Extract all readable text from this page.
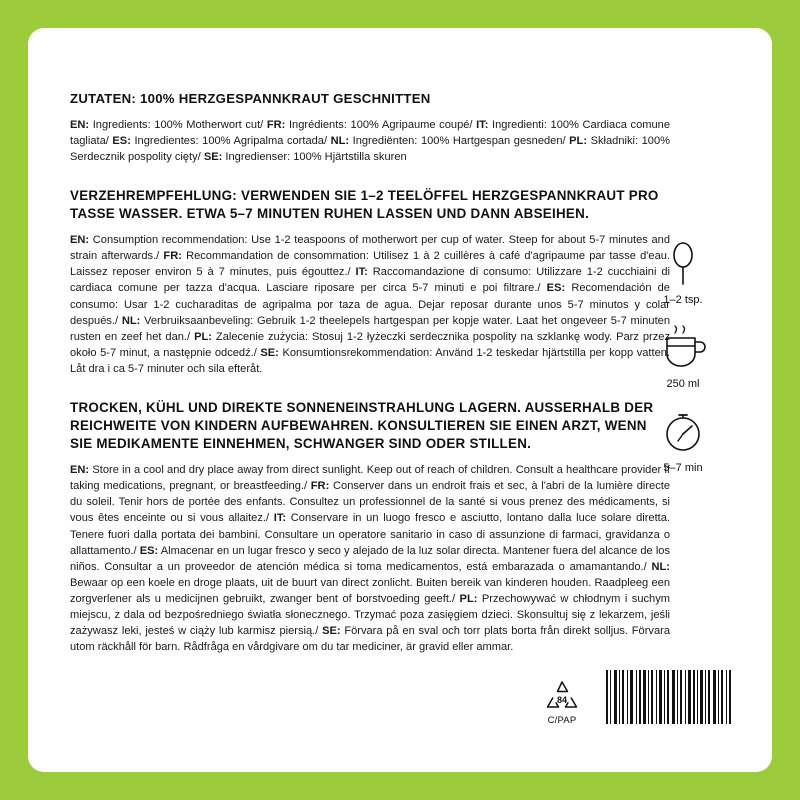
ZUTATEN: 100% HERZGESPANNKRAUT GESCHNITTEN
EN: Ingredients: 100% Motherwort cut/ FR: Ingrédients: 100% Agripaume coupé/ IT: Ingredienti: 100% Cardiaca comune tagliata/ ES: Ingredientes: 100% Agripalma cortada/ NL: Ingrediënten: 100% Hartgespan gesneden/ PL: Składniki: 100% Serdecznik pospolity cięty/ SE: Ingredienser: 100% Hjärtstilla skuren
VERZEHREMPFEHLUNG: VERWENDEN SIE 1–2 TEELÖFFEL HERZGESPANNKRAUT PRO TASSE WASSER. ETWA 5–7 MINUTEN RUHEN LASSEN UND DANN ABSEIHEN.
EN: Consumption recommendation: Use 1-2 teaspoons of motherwort per cup of water. Steep for about 5-7 minutes and strain afterwards./ FR: Recommandation de consommation: Utilisez 1 à 2 cuillères à café d'agripaume par tasse d'eau. Laissez reposer environ 5 à 7 minutes, puis égouttez./ IT: Raccomandazione di consumo: Utilizzare 1-2 cucchiaini di cardiaca comune per tazza d'acqua. Lasciare riposare per circa 5-7 minuti e poi filtrare./ ES: Recomendación de consumo: Usar 1-2 cucharaditas de agripalma por taza de agua. Dejar reposar durante unos 5-7 minutos y colar después./ NL: Verbruiksaanbeveling: Gebruik 1-2 theelepels hartgespan per kopje water. Laat het ongeveer 5-7 minuten rusten en zeef het dan./ PL: Zalecenie zużycia: Stosuj 1-2 łyżeczki serdecznika pospolity na szklankę wody. Parz przez około 5-7 minut, a następnie odcedź./ SE: Konsumtionsrekommendation: Använd 1-2 teskedar hjärtstilla per kopp vatten. Låt dra i ca 5-7 minuter och sila efteråt.
TROCKEN, KÜHL UND DIREKTE SONNENEINSTRAHLUNG LAGERN. AUSSERHALB DER REICHWEITE VON KINDERN AUFBEWAHREN. KONSULTIEREN SIE EINEN ARZT, WENN SIE MEDIKAMENTE EINNEHMEN, SCHWANGER SIND ODER STILLEN.
EN: Store in a cool and dry place away from direct sunlight. Keep out of reach of children. Consult a healthcare provider if taking medications, pregnant, or breastfeeding./ FR: Conserver dans un endroit frais et sec, à l'abri de la lumière directe du soleil. Tenir hors de portée des enfants. Consultez un professionnel de la santé si vous prenez des médicaments, si vous êtes enceinte ou si vous allaitez./ IT: Conservare in un luogo fresco e asciutto, lontano dalla luce solare diretta. Tenere fuori dalla portata dei bambini. Consultare un operatore sanitario in caso di assunzione di farmaci, gravidanza o allattamento./ ES: Almacenar en un lugar fresco y seco y alejado de la luz solar directa. Mantener fuera del alcance de los niños. Consultar a un proveedor de atención médica si toma medicamentos, está embarazada o amamantando./ NL: Bewaar op een koele en droge plaats, uit de buurt van direct zonlicht. Buiten bereik van kinderen houden. Raadpleeg een zorgverlener als u medicijnen gebruikt, zwanger bent of borstvoeding geeft./ PL: Przechowywać w chłodnym i suchym miejscu, z dala od bezpośredniego światła słonecznego. Trzymać poza zasięgiem dzieci. Skonsultuj się z lekarzem, jeśli zażywasz leki, jesteś w ciąży lub karmisz piersią./ SE: Förvara på en sval och torr plats borta från direkt solljus. Förvara utom räckhåll för barn. Rådfråga en vårdgivare om du tar mediciner, är gravid eller ammar.
1–2 tsp.
250 ml
5–7 min
84
C/PAP
